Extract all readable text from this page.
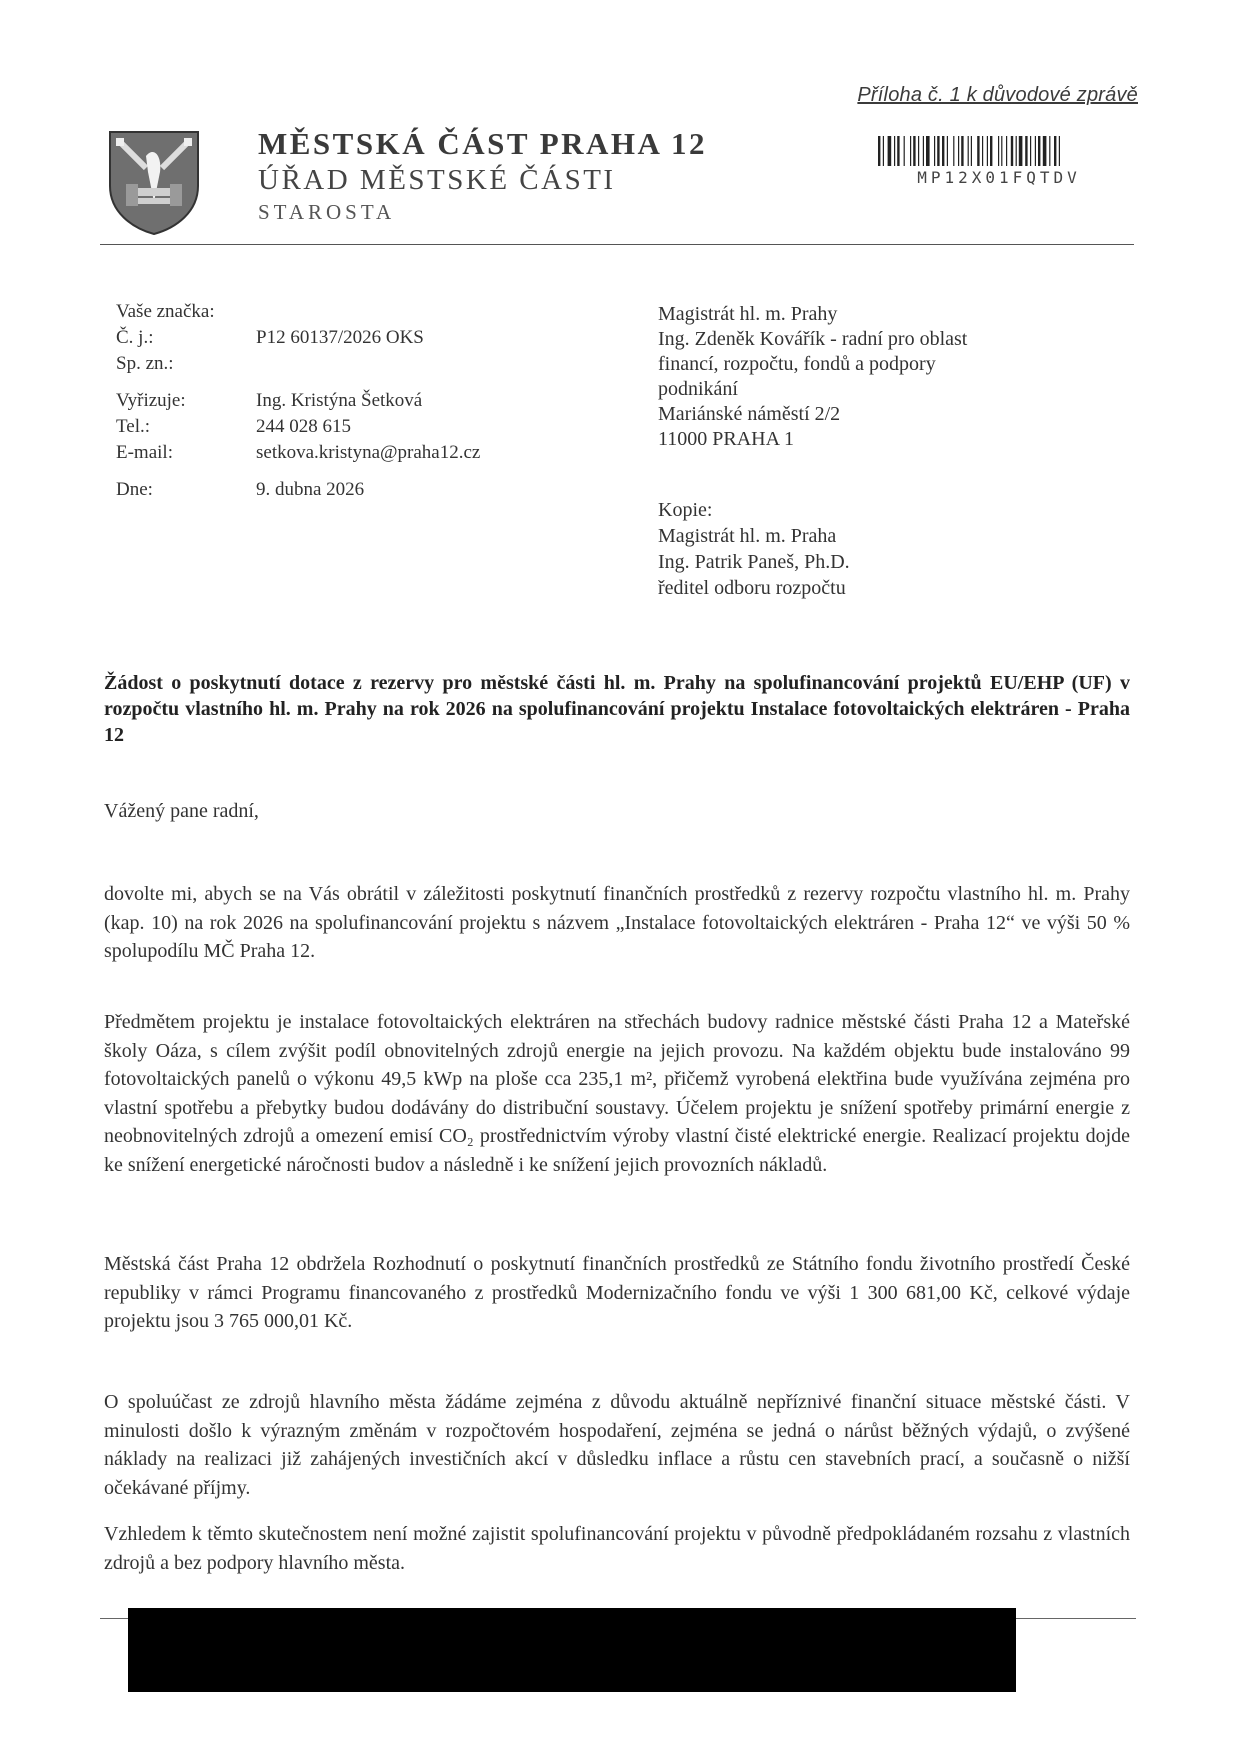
Příloha č. 1 k důvodové zprávě
MĚSTSKÁ ČÁST PRAHA 12
ÚŘAD MĚSTSKÉ ČÁSTI
STAROSTA
MP12X01FQTDV
Vaše značka:
Č. j.:	P12 60137/2026 OKS
Sp. zn.:
Vyřizuje:	Ing. Kristýna Šetková
Tel.:	244 028 615
E-mail:	setkova.kristyna@praha12.cz
Dne:	9. dubna 2026
Magistrát hl. m. Prahy
Ing. Zdeněk Kovářík - radní pro oblast
financí, rozpočtu, fondů a podpory
podnikání
Mariánské náměstí 2/2
11000 PRAHA 1
Kopie:
Magistrát hl. m. Praha
Ing. Patrik Paneš, Ph.D.
ředitel odboru rozpočtu
Žádost o poskytnutí dotace z rezervy pro městské části hl. m. Prahy na spolufinancování projektů EU/EHP (UF) v rozpočtu vlastního hl. m. Prahy na rok 2026 na spolufinancování projektu Instalace fotovoltaických elektráren - Praha 12
Vážený pane radní,
dovolte mi, abych se na Vás obrátil v záležitosti poskytnutí finančních prostředků z rezervy rozpočtu vlastního hl. m. Prahy (kap. 10) na rok 2026 na spolufinancování projektu s názvem „Instalace fotovoltaických elektráren - Praha 12“ ve výši 50 % spolupodílu MČ Praha 12.
Předmětem projektu je instalace fotovoltaických elektráren na střechách budovy radnice městské části Praha 12 a Mateřské školy Oáza, s cílem zvýšit podíl obnovitelných zdrojů energie na jejich provozu. Na každém objektu bude instalováno 99 fotovoltaických panelů o výkonu 49,5 kWp na ploše cca 235,1 m², přičemž vyrobená elektřina bude využívána zejména pro vlastní spotřebu a přebytky budou dodávány do distribuční soustavy. Účelem projektu je snížení spotřeby primární energie z neobnovitelných zdrojů a omezení emisí CO₂ prostřednictvím výroby vlastní čisté elektrické energie. Realizací projektu dojde ke snížení energetické náročnosti budov a následně i ke snížení jejich provozních nákladů.
Městská část Praha 12 obdržela Rozhodnutí o poskytnutí finančních prostředků ze Státního fondu životního prostředí České republiky v rámci Programu financovaného z prostředků Modernizačního fondu ve výši 1 300 681,00 Kč, celkové výdaje projektu jsou 3 765 000,01 Kč.
O spoluúčast ze zdrojů hlavního města žádáme zejména z důvodu aktuálně nepříznivé finanční situace městské části. V minulosti došlo k výrazným změnám v rozpočtovém hospodaření, zejména se jedná o nárůst běžných výdajů, o zvýšené náklady na realizaci již zahájených investičních akcí v důsledku inflace a růstu cen stavebních prací, a současně o nižší očekávané příjmy.
Vzhledem k těmto skutečnostem není možné zajistit spolufinancování projektu v původně předpokládaném rozsahu z vlastních zdrojů a bez podpory hlavního města.
